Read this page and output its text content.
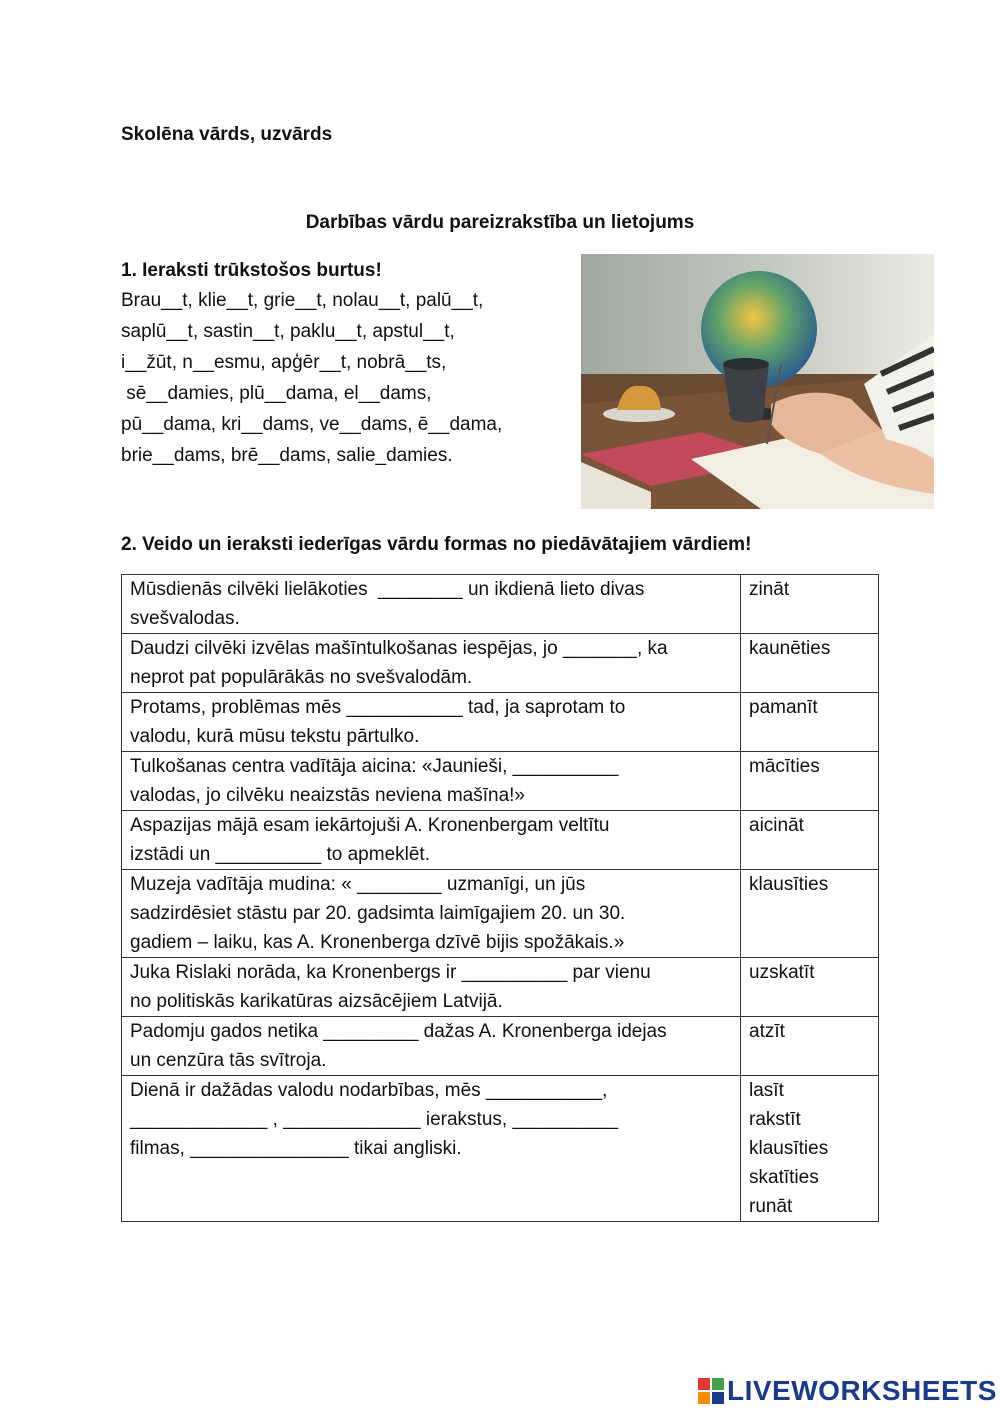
Skolēna vārds, uzvārds
Darbības vārdu pareizrakstība un lietojums
1. Ieraksti trūkstošos burtus!
Brau__t, klie__t, grie__t, nolau__t, palū__t,
saplū__t, sastin__t, paklu__t, apstul__t,
i__žūt, n__esmu, apģēr__t, nobrā__ts,
sē__damies, plū__dama, el__dams,
pū__dama, kri__dams, ve__dams, ē__dama,
brie__dams, brē__dams, salie_damies.
2. Veido un ieraksti iederīgas vārdu formas no piedāvātajiem vārdiem!
Mūsdienās cilvēki lielākoties  ________ un ikdienā lieto divas
svešvalodas.	zināt

Daudzi cilvēki izvēlas mašīntulkošanas iespējas, jo _______, ka
neprot pat populārākās no svešvalodām.	kaunēties

Protams, problēmas mēs ___________ tad, ja saprotam to
valodu, kurā mūsu tekstu pārtulko.	pamanīt

Tulkošanas centra vadītāja aicina: «Jaunieši, __________
valodas, jo cilvēku neaizstās neviena mašīna!»	mācīties

Aspazijas mājā esam iekārtojuši A. Kronenbergam veltītu
izstādi un __________ to apmeklēt.	aicināt

Muzeja vadītāja mudina: « ________ uzmanīgi, un jūs
sadzirdēsiet stāstu par 20. gadsimta laimīgajiem 20. un 30.
gadiem – laiku, kas A. Kronenberga dzīvē bijis spožākais.»	klausīties

Juka Rislaki norāda, ka Kronenbergs ir __________ par vienu
no politiskās karikatūras aizsācējiem Latvijā.	uzskatīt

Padomju gados netika _________ dažas A. Kronenberga idejas
un cenzūra tās svītroja.	atzīt

Dienā ir dažādas valodu nodarbības, mēs ___________,
_____________ , _____________ ierakstus, __________
filmas, _______________ tikai angliski.	lasīt
rakstīt
klausīties
skatīties
runāt
LIVEWORKSHEETS
